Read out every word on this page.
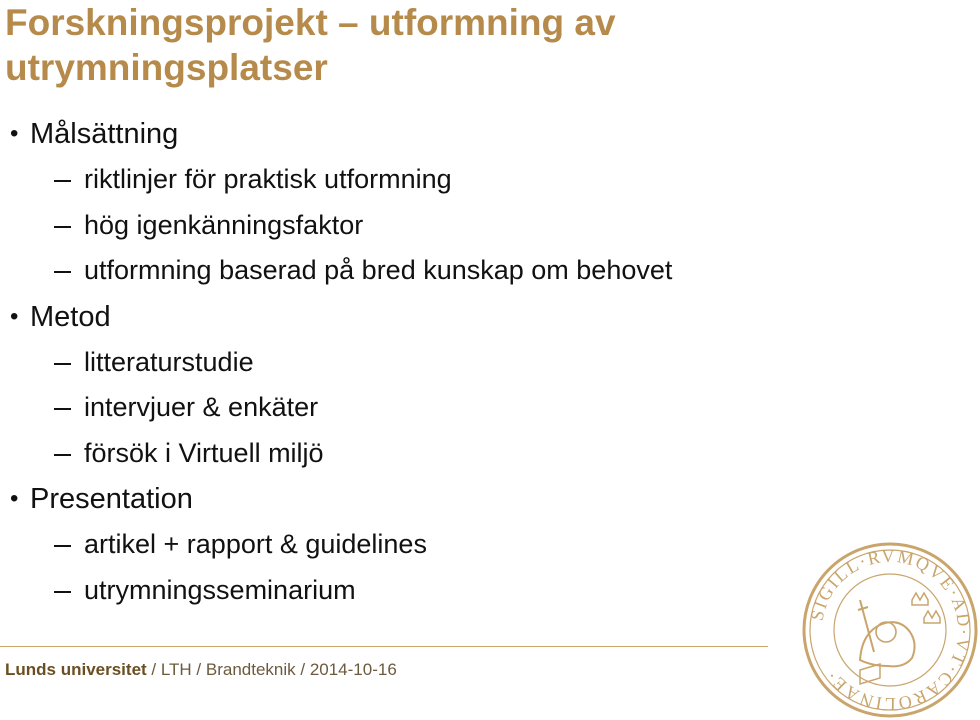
Forskningsprojekt – utformning av utrymningsplatser
• Målsättning
riktlinjer för praktisk utformning
hög igenkänningsfaktor
utformning baserad på bred kunskap om behovet
• Metod
litteraturstudie
intervjuer & enkäter
försök i Virtuell miljö
• Presentation
artikel + rapport & guidelines
utrymningsseminarium
Lunds universitet / LTH / Brandteknik / 2014-10-16
SIGILL·RVMQVE·AD·VT·CAROLINAE·
